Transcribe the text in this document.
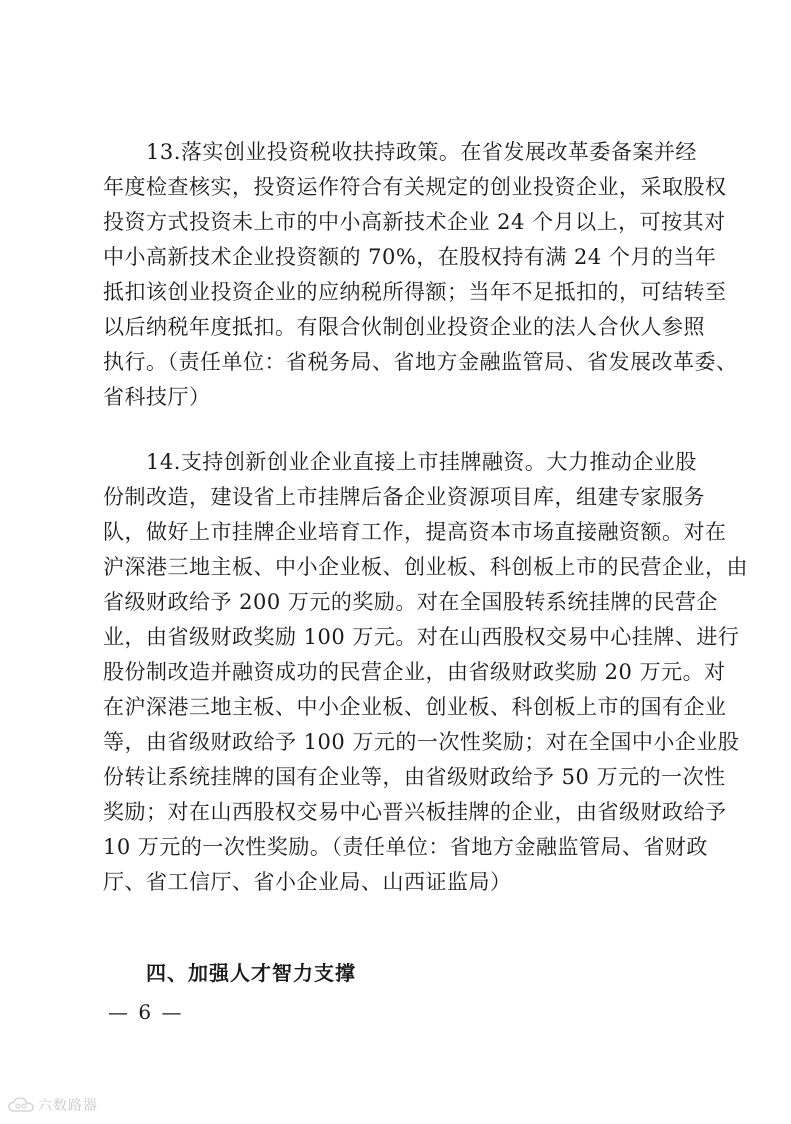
13.落实创业投资税收扶持政策。在省发展改革委备案并经
年度检查核实，投资运作符合有关规定的创业投资企业，采取股权
投资方式投资未上市的中小高新技术企业 24 个月以上，可按其对
中小高新技术企业投资额的 70%，在股权持有满 24 个月的当年
抵扣该创业投资企业的应纳税所得额；当年不足抵扣的，可结转至
以后纳税年度抵扣。有限合伙制创业投资企业的法人合伙人参照
执行。（责任单位：省税务局、省地方金融监管局、省发展改革委、
省科技厅）
14.支持创新创业企业直接上市挂牌融资。大力推动企业股
份制改造，建设省上市挂牌后备企业资源项目库，组建专家服务
队，做好上市挂牌企业培育工作，提高资本市场直接融资额。对在
沪深港三地主板、中小企业板、创业板、科创板上市的民营企业，由
省级财政给予 200 万元的奖励。对在全国股转系统挂牌的民营企
业，由省级财政奖励 100 万元。对在山西股权交易中心挂牌、进行
股份制改造并融资成功的民营企业，由省级财政奖励 20 万元。对
在沪深港三地主板、中小企业板、创业板、科创板上市的国有企业
等，由省级财政给予 100 万元的一次性奖励；对在全国中小企业股
份转让系统挂牌的国有企业等，由省级财政给予 50 万元的一次性
奖励；对在山西股权交易中心晋兴板挂牌的企业，由省级财政给予
10 万元的一次性奖励。（责任单位：省地方金融监管局、省财政
厅、省工信厅、省小企业局、山西证监局）
四、加强人才智力支撑
— 6 —
六数路器
